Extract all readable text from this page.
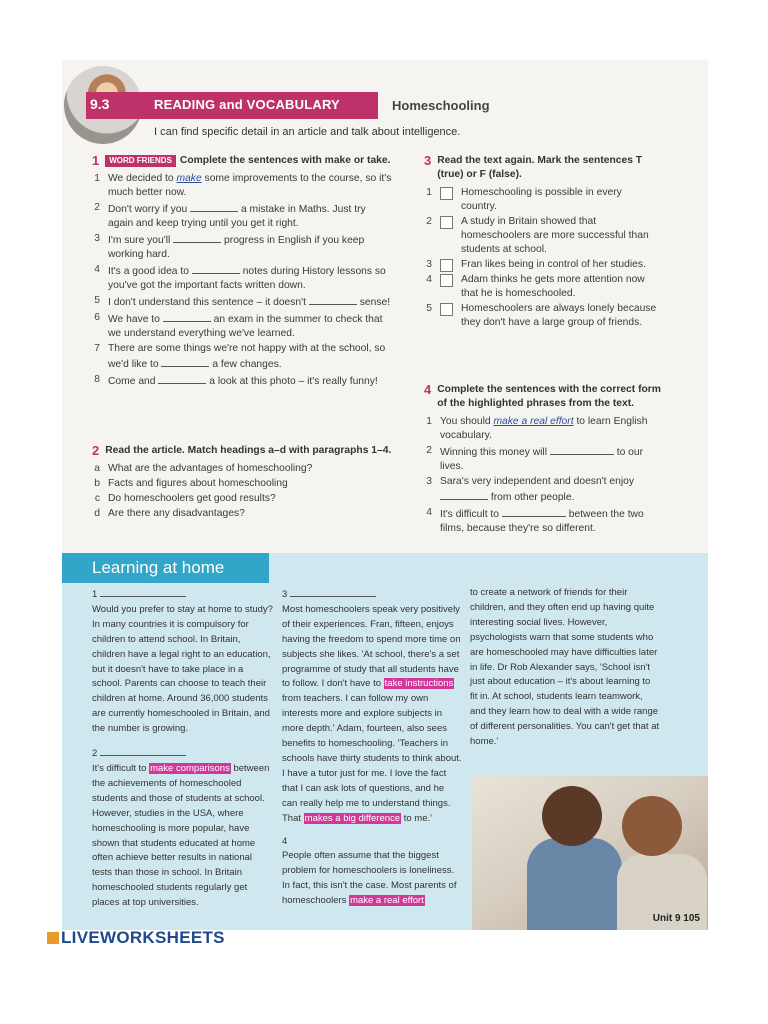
9.3	READING and VOCABULARY	Homeschooling
I can find specific detail in an article and talk about intelligence.
1	WORD FRIENDS Complete the sentences with make or take.
1 We decided to make some improvements to the course, so it's much better now.
2 Don't worry if you	a mistake in Maths. Just try again and keep trying until you get it right.
3 I'm sure you'll	progress in English if you keep working hard.
4 It's a good idea to	notes during History lessons so you've got the important facts written down.
5 I don't understand this sentence – it doesn't	sense!
6 We have to	an exam in the summer to check that we understand everything we've learned.
7 There are some things we're not happy with at the school, so we'd like to	a few changes.
8 Come and	a look at this photo – it's really funny!
2 Read the article. Match headings a–d with paragraphs 1–4.
a What are the advantages of homeschooling?
b Facts and figures about homeschooling
c Do homeschoolers get good results?
d Are there any disadvantages?
3 Read the text again. Mark the sentences T (true) or F (false).
1	Homeschooling is possible in every country.
2	A study in Britain showed that homeschoolers are more successful than students at school.
3	Fran likes being in control of her studies.
4	Adam thinks he gets more attention now that he is homeschooled.
5	Homeschoolers are always lonely because they don't have a large group of friends.
4 Complete the sentences with the correct form of the highlighted phrases from the text.
1 You should make a real effort to learn English vocabulary.
2 Winning this money will	to our lives.
3 Sara's very independent and doesn't enjoy  from other people.
4 It's difficult to	between the two films, because they're so different.
Learning at home
1
Would you prefer to stay at home to study? In many countries it is compulsory for children to attend school. In Britain, children have a legal right to an education, but it doesn't have to take place in a school. Parents can choose to teach their children at home. Around 36,000 students are currently homeschooled in Britain, and the number is growing.
2
It's difficult to make comparisons between the achievements of homeschooled students and those of students at school. However, studies in the USA, where homeschooling is more popular, have shown that students educated at home often achieve better results in national tests than those in school. In Britain homeschooled students regularly get places at top universities.
3
Most homeschoolers speak very positively of their experiences. Fran, fifteen, enjoys having the freedom to spend more time on subjects she likes. 'At school, there's a set programme of study that all students have to follow. I don't have to take instructions from teachers. I can follow my own interests more and explore subjects in more depth.' Adam, fourteen, also sees benefits to homeschooling. 'Teachers in schools have thirty students to think about. I have a tutor just for me. I love the fact that I can ask lots of questions, and he can really help me to understand things. That makes a big difference to me.'
4
People often assume that the biggest problem for homeschoolers is loneliness. In fact, this isn't the case. Most parents of homeschoolers make a real effort
to create a network of friends for their children, and they often end up having quite interesting social lives. However, psychologists warn that some students who are homeschooled may have difficulties later in life. Dr Rob Alexander says, 'School isn't just about education – it's about learning to fit in. At school, students learn teamwork, and they learn how to deal with a wide range of different personalities. You can't get that at home.'
Unit 9 105
LIVEWORKSHEETS
